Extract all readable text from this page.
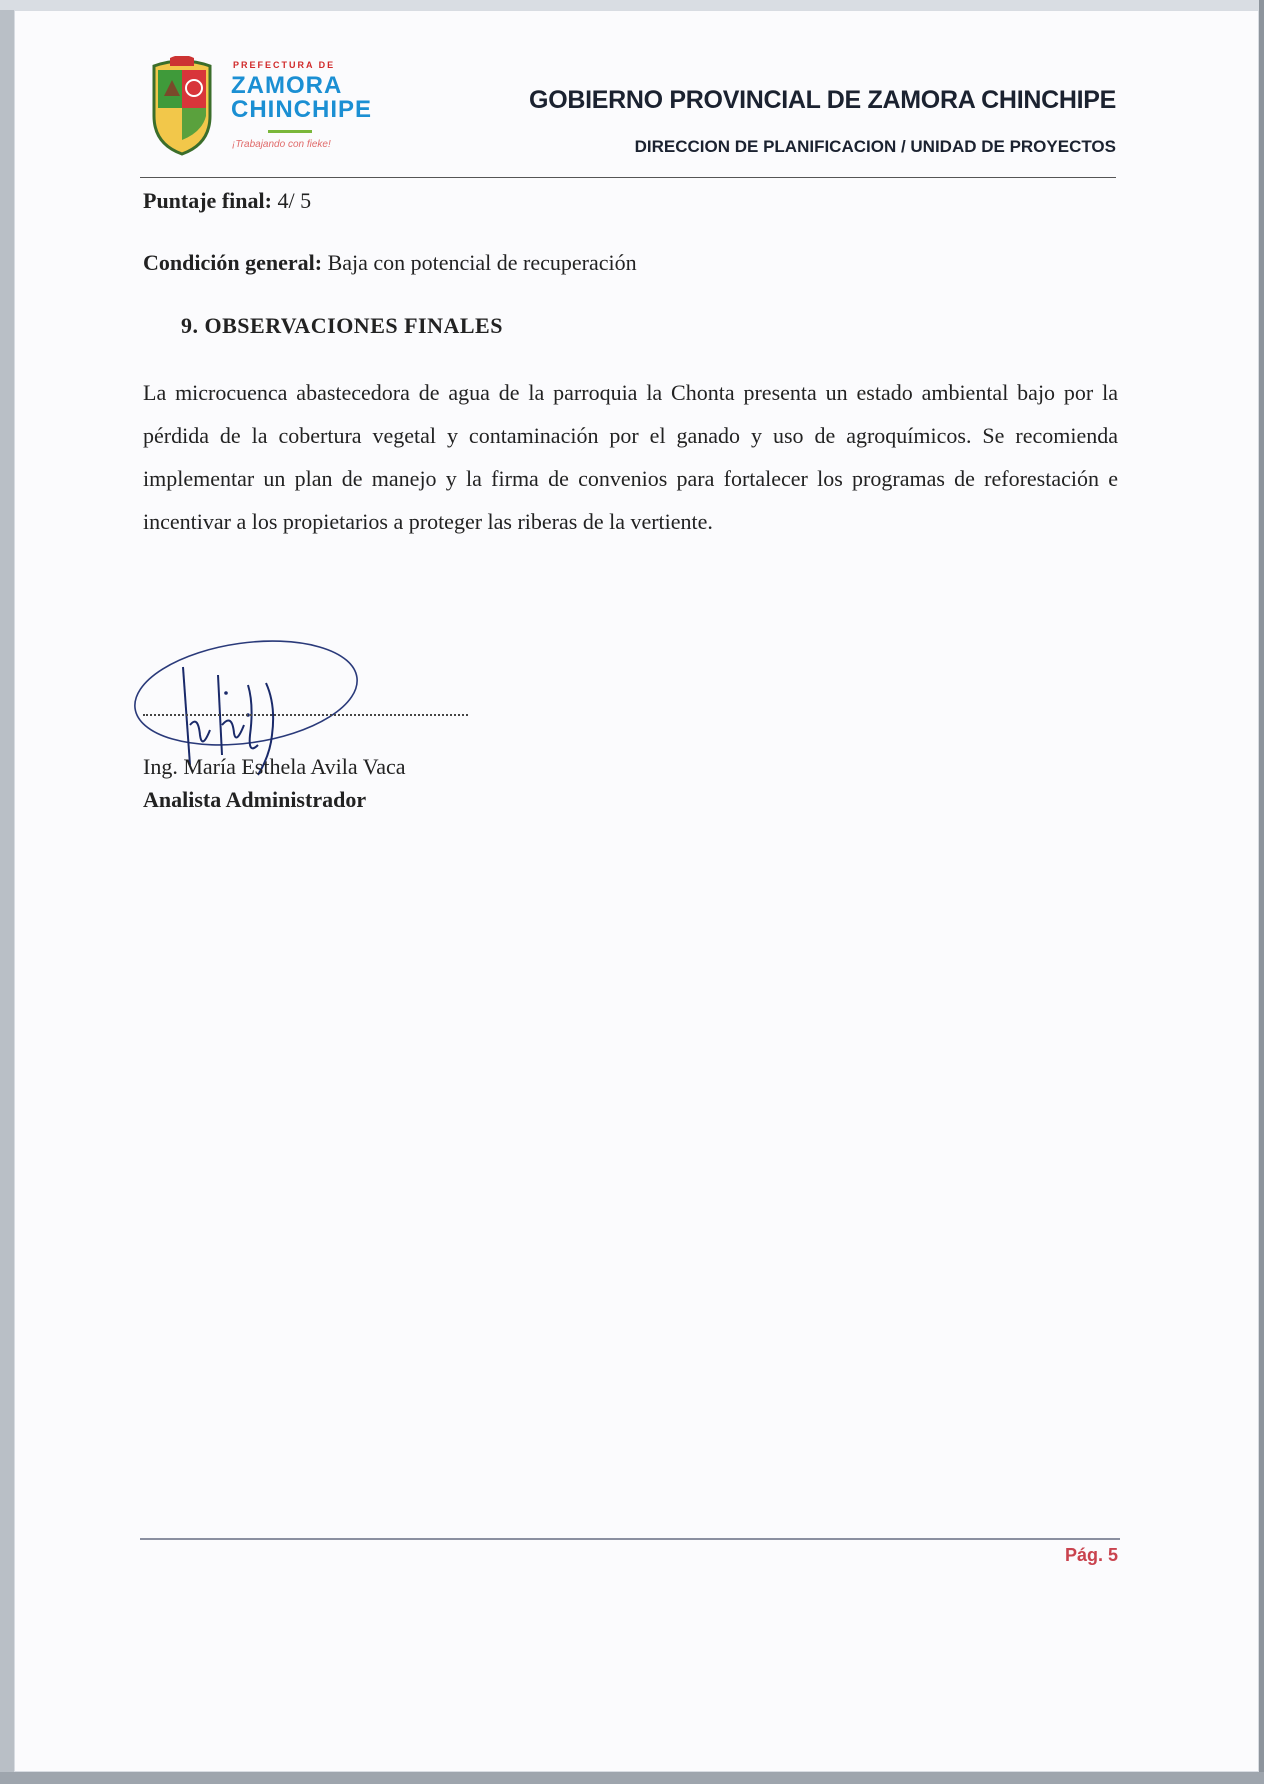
PREFECTURA DE
ZAMORA
CHINCHIPE
¡Trabajando con fieke!
GOBIERNO PROVINCIAL DE ZAMORA CHINCHIPE
DIRECCION DE PLANIFICACION / UNIDAD DE PROYECTOS
Puntaje final: 4/ 5
Condición general: Baja con potencial de recuperación
9. OBSERVACIONES FINALES
La microcuenca abastecedora de agua de la parroquia la Chonta presenta un estado ambiental bajo por la pérdida de la cobertura vegetal y contaminación por el ganado y uso de agroquímicos. Se recomienda implementar un plan de manejo y la firma de convenios para fortalecer los programas de reforestación e incentivar a los propietarios a proteger las riberas de la vertiente.
Ing. María Esthela Avila Vaca
Analista Administrador
Pág. 5
